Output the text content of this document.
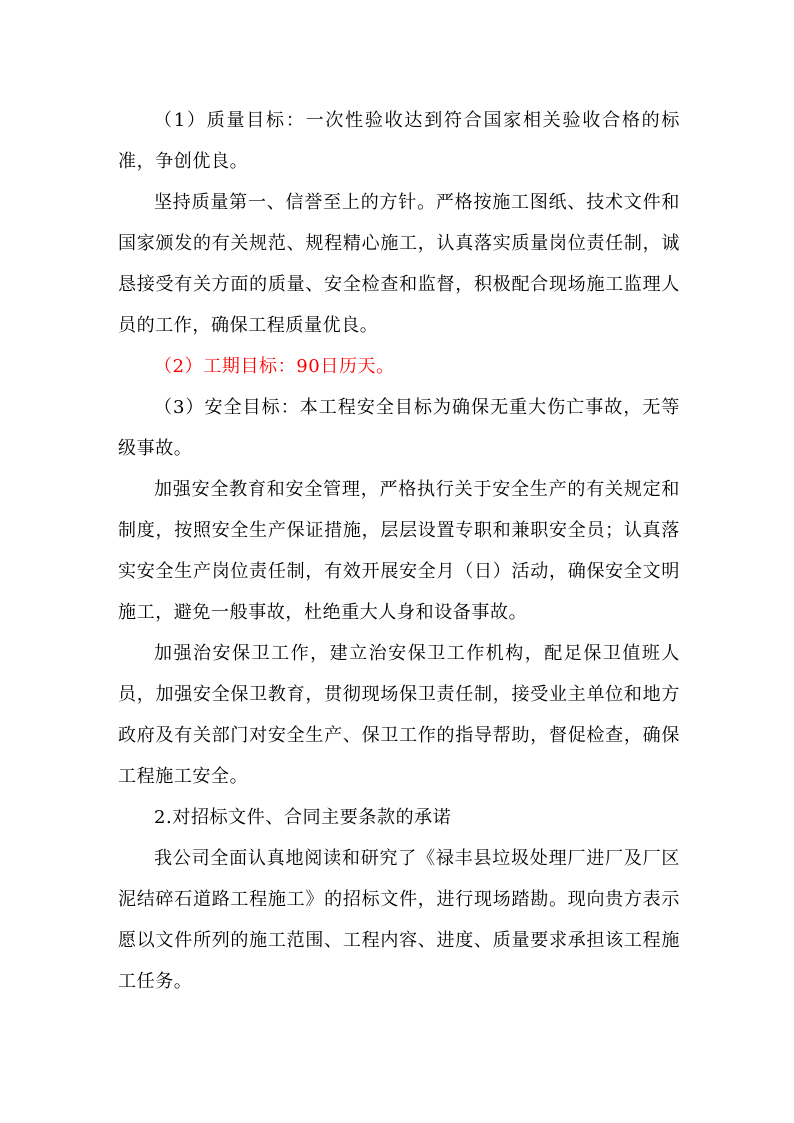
（1）质量目标：一次性验收达到符合国家相关验收合格的标准，争创优良。

坚持质量第一、信誉至上的方针。严格按施工图纸、技术文件和国家颁发的有关规范、规程精心施工，认真落实质量岗位责任制，诚恳接受有关方面的质量、安全检查和监督，积极配合现场施工监理人员的工作，确保工程质量优良。

（2）工期目标：90日历天。

（3）安全目标：本工程安全目标为确保无重大伤亡事故，无等级事故。

加强安全教育和安全管理，严格执行关于安全生产的有关规定和制度，按照安全生产保证措施，层层设置专职和兼职安全员；认真落实安全生产岗位责任制，有效开展安全月（日）活动，确保安全文明施工，避免一般事故，杜绝重大人身和设备事故。

加强治安保卫工作，建立治安保卫工作机构，配足保卫值班人员，加强安全保卫教育，贯彻现场保卫责任制，接受业主单位和地方政府及有关部门对安全生产、保卫工作的指导帮助，督促检查，确保工程施工安全。

2.对招标文件、合同主要条款的承诺

我公司全面认真地阅读和研究了《禄丰县垃圾处理厂进厂及厂区泥结碎石道路工程施工》的招标文件，进行现场踏勘。现向贵方表示愿以文件所列的施工范围、工程内容、进度、质量要求承担该工程施工任务。
